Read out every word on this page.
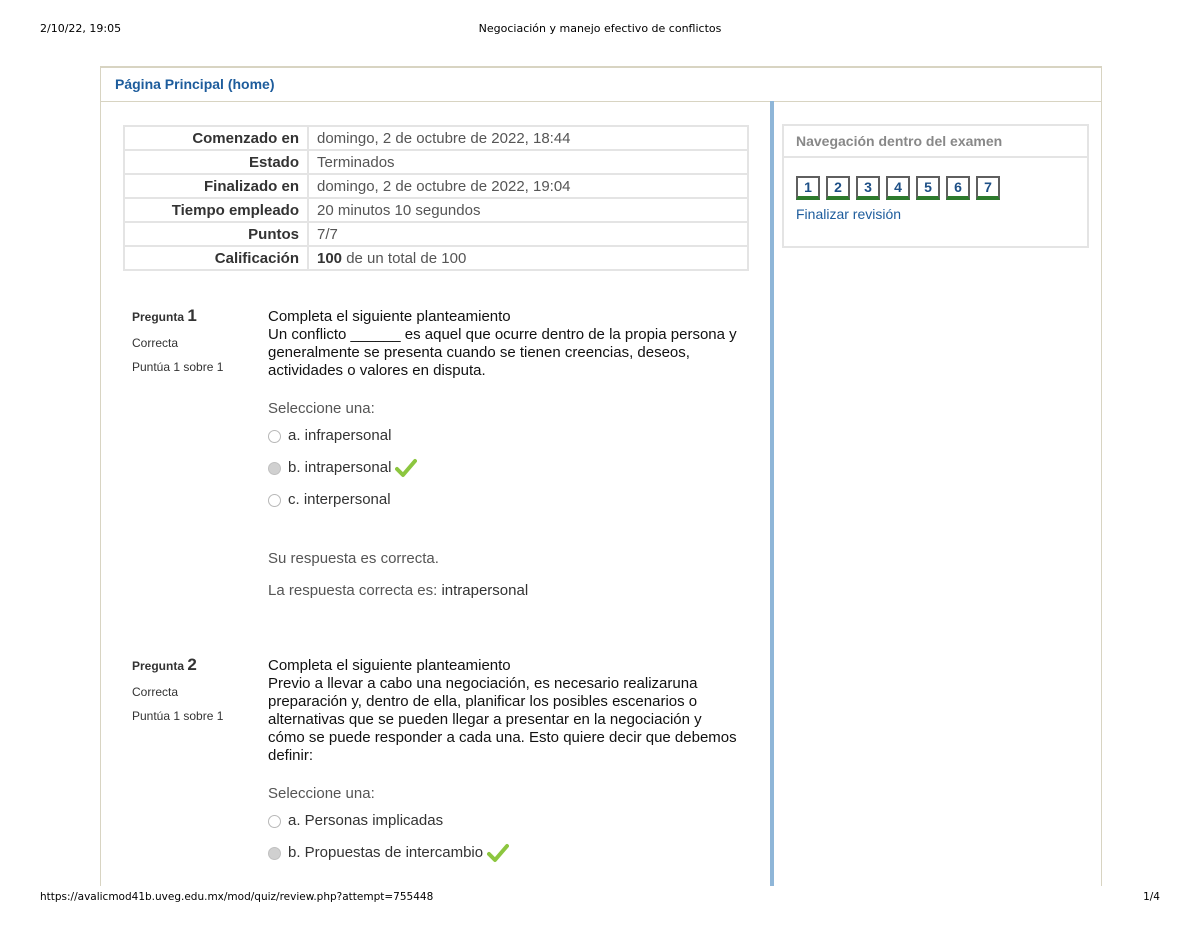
2/10/22, 19:05	Negociación y manejo efectivo de conflictos
Página Principal (home)
Comenzado en	domingo, 2 de octubre de 2022, 18:44
Estado	Terminados
Finalizado en	domingo, 2 de octubre de 2022, 19:04
Tiempo empleado	20 minutos 10 segundos
Puntos	7/7
Calificación	100 de un total de 100
Pregunta 1
Correcta
Puntúa 1 sobre 1
Completa el siguiente planteamiento
Un conflicto ______ es aquel que ocurre dentro de la propia persona y generalmente se presenta cuando se tienen creencias, deseos, actividades o valores en disputa.
Seleccione una:
a. infrapersonal
b. intrapersonal
c. interpersonal
Su respuesta es correcta.
La respuesta correcta es: intrapersonal
Pregunta 2
Correcta
Puntúa 1 sobre 1
Completa el siguiente planteamiento
Previo a llevar a cabo una negociación, es necesario realizaruna preparación y, dentro de ella, planificar los posibles escenarios o alternativas que se pueden llegar a presentar en la negociación y cómo se puede responder a cada una. Esto quiere decir que debemos definir:
Seleccione una:
a. Personas implicadas
b. Propuestas de intercambio
Navegación dentro del examen
1	2	3	4	5	6	7
Finalizar revisión
https://avalicmod41b.uveg.edu.mx/mod/quiz/review.php?attempt=755448	1/4
